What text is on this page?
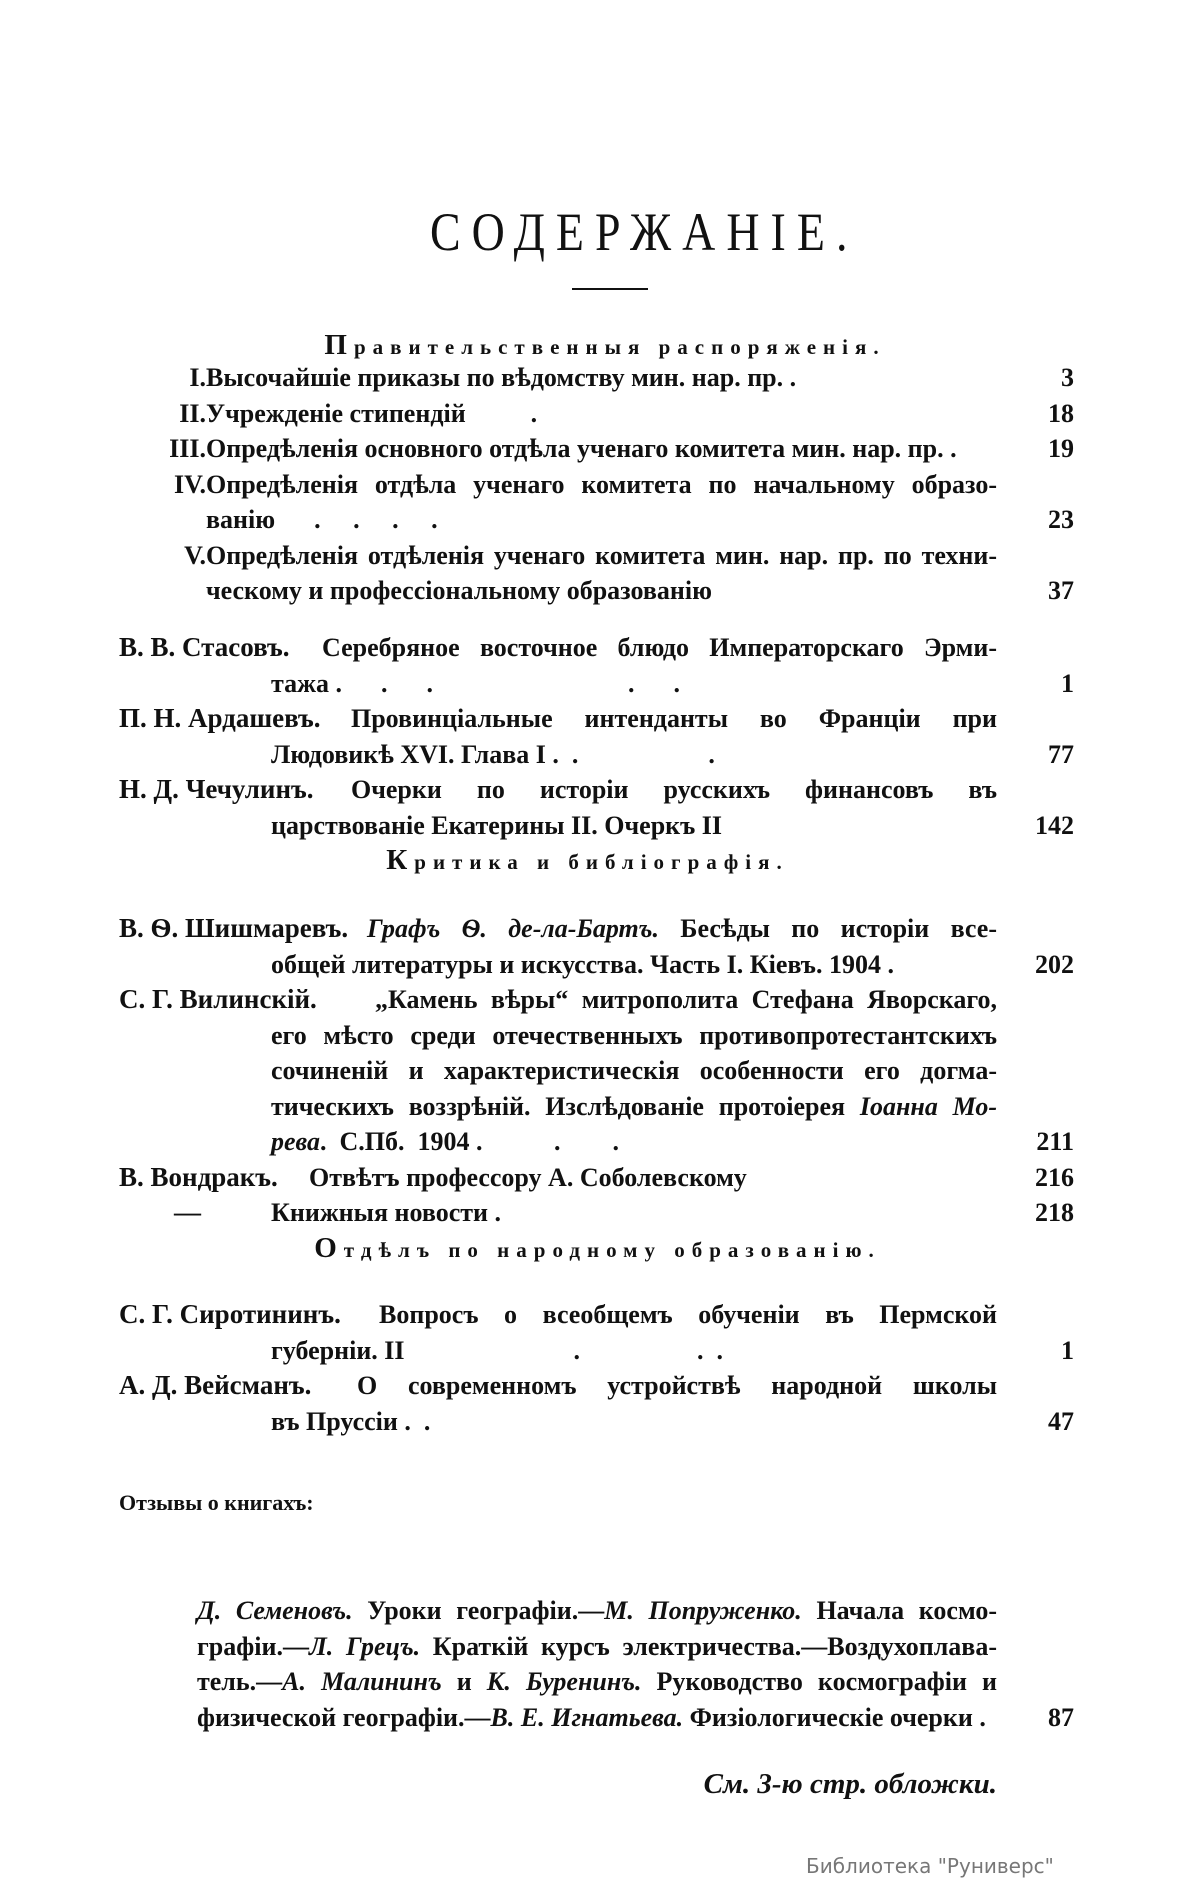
СОДЕРЖАНІЕ.
Правительственныя распоряженія.
I. Высочайшіе приказы по вѣдомству мин. нар. пр. .	3
II. Учрежденіе стипендій          .	18
III. Опредѣленія основного отдѣла ученаго комитета мин. нар. пр. .	19
IV. Опредѣленія отдѣла ученаго комитета по начальному образо-
ванію      .     .     .     .	23
V. Опредѣленія отдѣленія ученаго комитета мин. нар. пр. по техни-
ческому и профессіональному образованію	37
В. В. Стасовъ. Серебряное восточное блюдо Императорскаго Эрми-
тажа .      .      .                              .      .	1
П. Н. Ардашевъ. Провинціальные интенданты во Франціи при
Людовикѣ XVI. Глава I .  .                    .	77
Н. Д. Чечулинъ. Очерки по исторіи русскихъ финансовъ въ
царствованіе Екатерины II. Очеркъ II	142
Критика и библіографія.
В. Ѳ. Шишмаревъ. Графъ Ѳ. де-ла-Бартъ. Бесѣды по исторіи все-
общей литературы и искусства. Часть I. Кіевъ. 1904 .	202
С. Г. Вилинскій. „Камень вѣры“ митрополита Стефана Яворскаго,
его мѣсто среди отечественныхъ противопротестантскихъ
сочиненій и характеристическія особенности его догма-
тическихъ воззрѣній. Изслѣдованіе протоіерея Іоанна Мо-
рева.  С.Пб.  1904 .           .        .	211
В. Вондракъ. Отвѣтъ профессору А. Соболевскому	216
—	Книжныя новости .	218
Отдѣлъ по народному образованію.
С. Г. Сиротининъ. Вопросъ о всеобщемъ обученіи въ Пермской
губерніи. II                          .                  .  .	1
А. Д. Вейсманъ. О современномъ устройствѣ народной школы
въ Пруссіи .  .	47
Отзывы о книгахъ:
Д. Семеновъ. Уроки географіи.—М. Попруженко. Начала космо-
графіи.—Л. Грецъ. Краткій курсъ электричества.—Воздухоплава-
тель.—А. Малининъ и К. Буренинъ. Руководство космографіи и
физической географіи.—В. Е. Игнатьева. Физіологическіе очерки . 87
См. 3-ю стр. обложки.
Библиотека "Руниверс"
